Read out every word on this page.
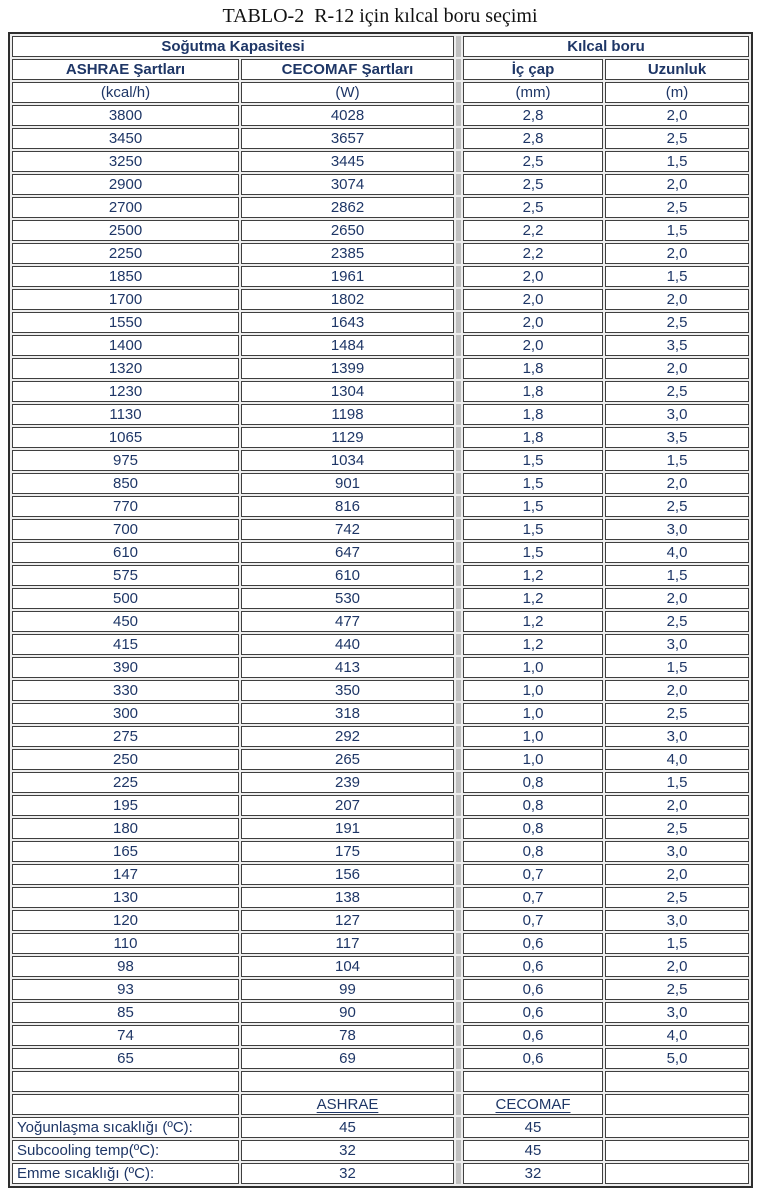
TABLO-2  R-12 için kılcal boru seçimi
Soğutma Kapasitesi			Kılcal boru	
ASHRAE Şartları	CECOMAF Şartları		İç çap	Uzunluk
(kcal/h)	(W)		(mm)	(m)
3800	4028		2,8	2,0
3450	3657		2,8	2,5
3250	3445		2,5	1,5
2900	3074		2,5	2,0
2700	2862		2,5	2,5
2500	2650		2,2	1,5
2250	2385		2,2	2,0
1850	1961		2,0	1,5
1700	1802		2,0	2,0
1550	1643		2,0	2,5
1400	1484		2,0	3,5
1320	1399		1,8	2,0
1230	1304		1,8	2,5
1130	1198		1,8	3,0
1065	1129		1,8	3,5
975	1034		1,5	1,5
850	901		1,5	2,0
770	816		1,5	2,5
700	742		1,5	3,0
610	647		1,5	4,0
575	610		1,2	1,5
500	530		1,2	2,0
450	477		1,2	2,5
415	440		1,2	3,0
390	413		1,0	1,5
330	350		1,0	2,0
300	318		1,0	2,5
275	292		1,0	3,0
250	265		1,0	4,0
225	239		0,8	1,5
195	207		0,8	2,0
180	191		0,8	2,5
165	175		0,8	3,0
147	156		0,7	2,0
130	138		0,7	2,5
120	127		0,7	3,0
110	117		0,6	1,5
98	104		0,6	2,0
93	99		0,6	2,5
85	90		0,6	3,0
74	78		0,6	4,0
65	69		0,6	5,0

	ASHRAE		CECOMAF	
Yoğunlaşma sıcaklığı (ºC):	45		45	
Subcooling temp(ºC):	32		45	
Emme sıcaklığı (ºC):	32		32	
